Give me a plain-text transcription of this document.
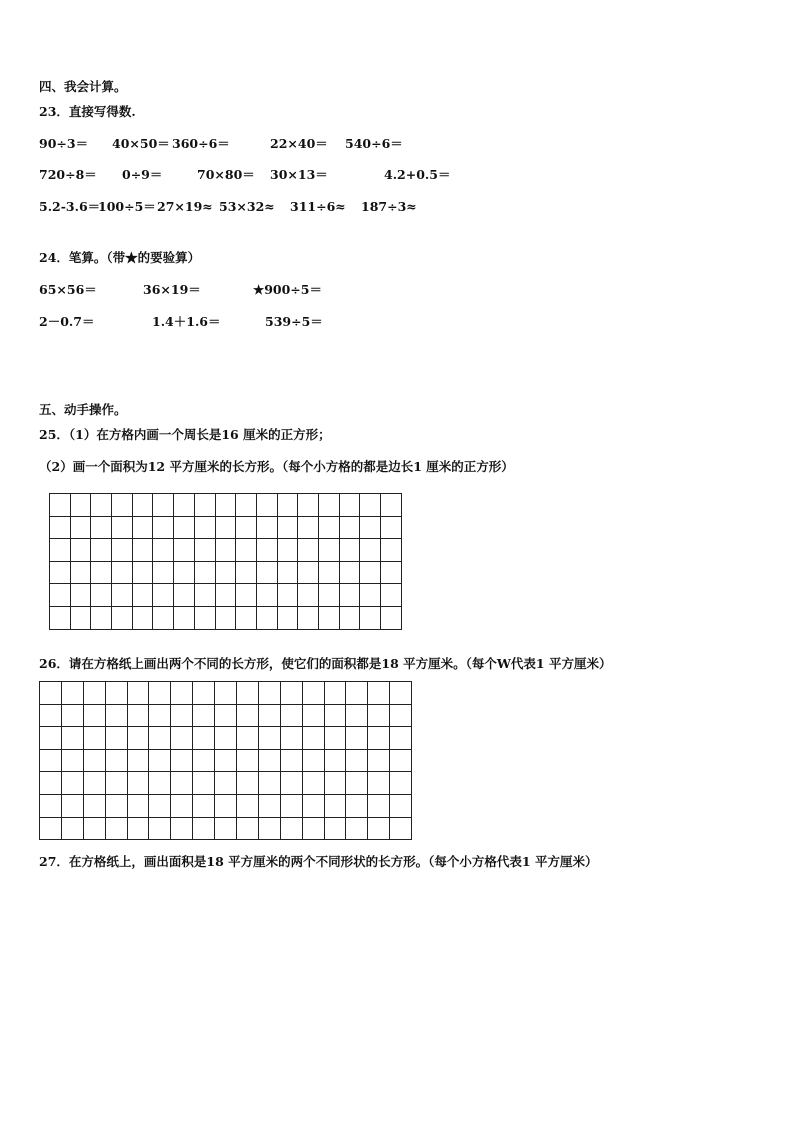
四、我会计算。
23．直接写得数.
90÷3＝ 40×50＝ 360÷6＝	22×40＝ 540÷6＝
720÷8＝ 0÷9＝	70×80＝ 30×13＝	4.2+0.5＝
5.2-3.6＝
100÷5＝ 27×19≈ 53×32≈ 311÷6≈ 187÷3≈
24．笔算。（带★的要验算）
65×56＝	36×19＝	★900÷5＝
2－0.7＝	1.4＋1.6＝	539÷5＝
五、动手操作。
25．（1）在方格内画一个周长是16 厘米的正方形；
（2）画一个面积为12 平方厘米的长方形。（每个小方格的都是边长1 厘米的正方形）

26．请在方格纸上画出两个不同的长方形，使它们的面积都是18 平方厘米。（每个W代表1 平方厘米）

27．在方格纸上，画出面积是18 平方厘米的两个不同形状的长方形。（每个小方格代表1 平方厘米）
